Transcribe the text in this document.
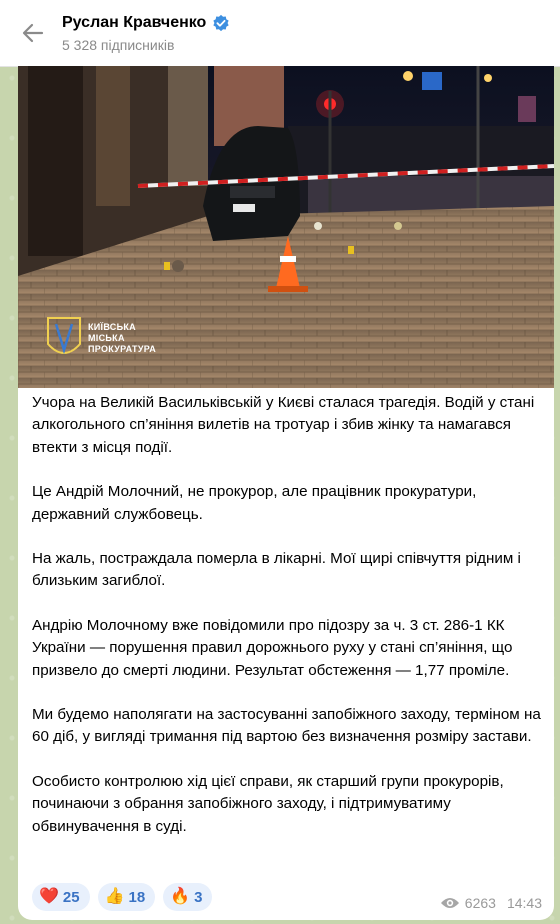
Руслан Кравченко
5 328 підписників
КИЇВСЬКА
МІСЬКА
ПРОКУРАТУРА

Учора на Великій Васильківській у Києві сталася трагедія. Водій у стані алкогольного сп’яніння вилетів на тротуар і збив жінку та намагався втекти з місця події.

Це Андрій Молочний, не прокурор, але працівник прокуратури, державний службовець.

На жаль, постраждала померла в лікарні. Мої щирі співчуття рідним і близьким загиблої.

Андрію Молочному вже повідомили про підозру за ч. 3 ст. 286-1 КК України — порушення правил дорожнього руху у стані сп’яніння, що призвело до смерті людини. Результат обстеження — 1,77 проміле.

Ми будемо наполягати на застосуванні запобіжного заходу, терміном на 60 діб, у вигляді тримання під вартою без визначення розміру застави.

Особисто контролюю хід цієї справи, як старший групи прокурорів, починаючи з обрання запобіжного заходу, і підтримуватиму обвинувачення в суді.

❤️ 25 👍 18 🔥 3	6263 14:43
